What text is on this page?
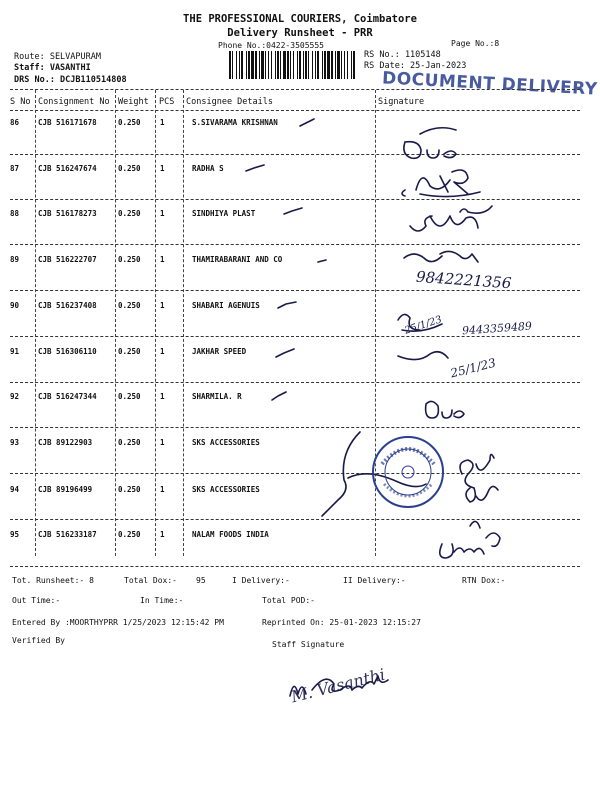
THE PROFESSIONAL COURIERS, Coimbatore
Delivery Runsheet - PRR
Phone No.:0422-3505555	Page No.:8
Route: SELVAPURAM
Staff: VASANTHI
DRS No.: DCJB110514808
RS No.: 1105148
RS Date: 25-Jan-2023
DOCUMENT DELIVERY
S No Consignment No Weight PCS Consignee Details	Signature
86	CJB 516171678	0.250	1	S.SIVARAMA KRISHNAN
87	CJB 516247674	0.250	1	RADHA S
88	CJB 516178273	0.250	1	SINDHIYA PLAST
89	CJB 516222707	0.250	1	THAMIRABARANI AND CO
90	CJB 516237408	0.250	1	SHABARI AGENUIS
91	CJB 516306110	0.250	1	JAKHAR SPEED
92	CJB 516247344	0.250	1	SHARMILA. R
93	CJB 89122903	0.250	1	SKS ACCESSORIES
94	CJB 89196499	0.250	1	SKS ACCESSORIES
95	CJB 516233187	0.250	1	NALAM FOODS INDIA
Tot. Runsheet:- 8	Total Dox:- 95	I Delivery:-	II Delivery:-	RTN Dox:-
Out Time:-	In Time:-	Total POD:-
Entered By :MOORTHYPRR 1/25/2023 12:15:42 PM	Reprinted On: 25-01-2023 12:15:27
Verified By	Staff Signature
9842221356
25/1/23 9443359489
25/1/23
M. Vasanthi
